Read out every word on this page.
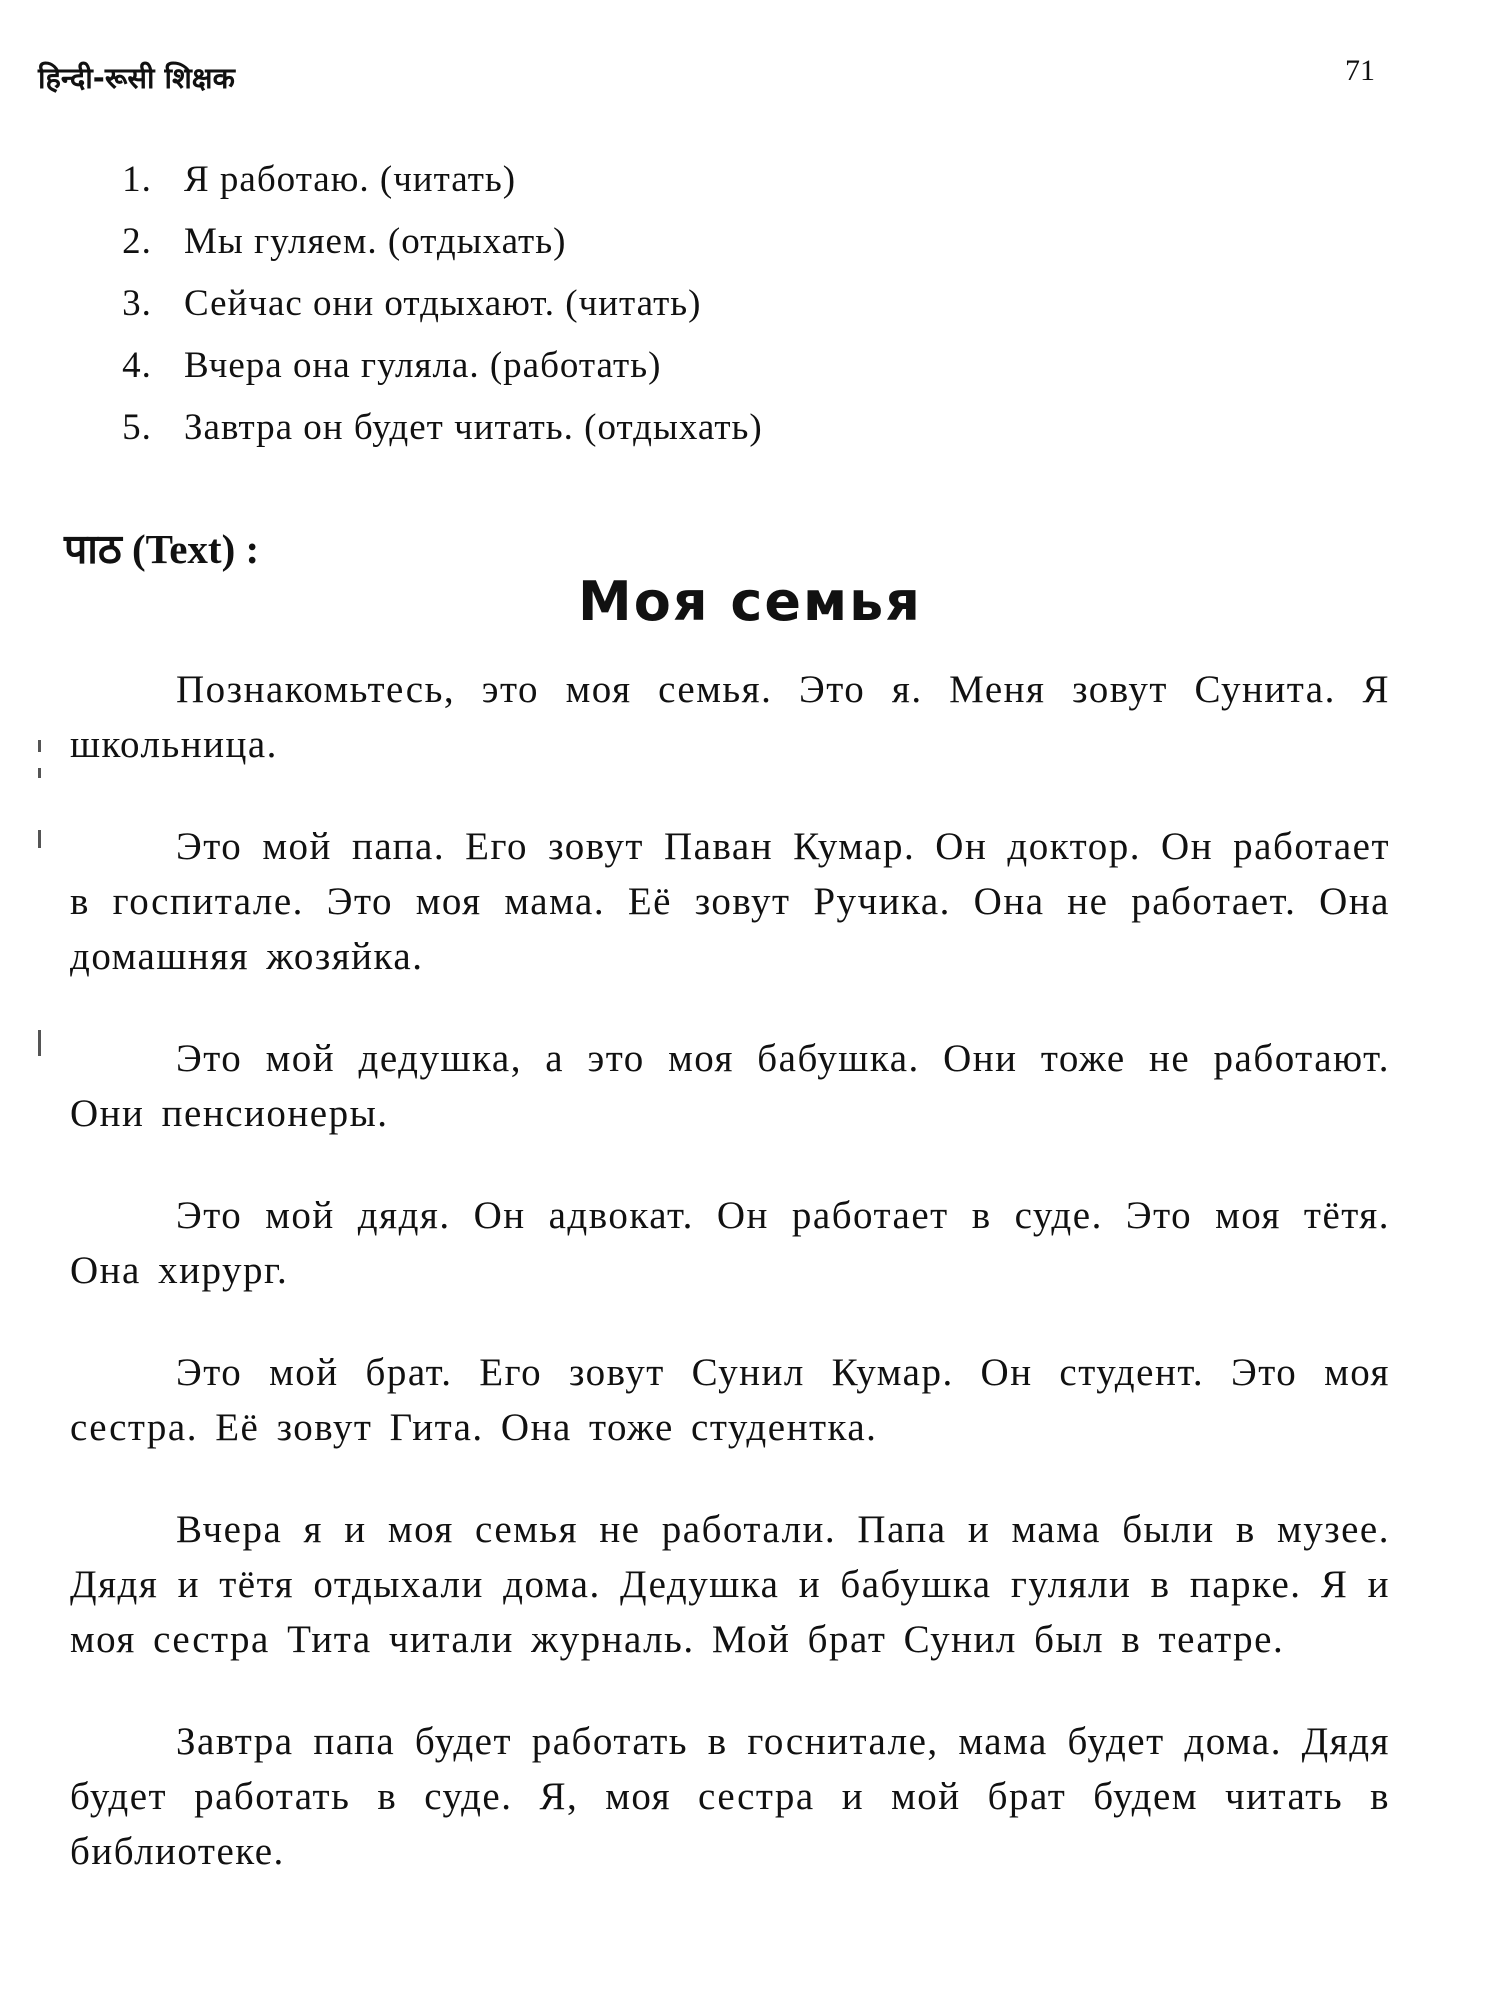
हिन्दी-रूसी शिक्षक	71
1. Я работаю. (читать)
2. Мы гуляем. (отдыхать)
3. Сейчас они отдыхают. (читать)
4. Вчера она гуляла. (работать)
5. Завтра он будет читать. (отдыхать)
पाठ (Text) :
Моя семья

Познакомьтесь, это моя семья. Это я. Меня зовут Сунита. Я школьница.

Это мой папа. Его зовут Паван Кумар. Он доктор. Он работает в госпитале. Это моя мама. Её зовут Ручика. Она не работает. Она домашняя жозяйка.

Это мой дедушка, а это моя бабушка. Они тоже не работают. Они пенсионеры.

Это мой дядя. Он адвокат. Он работает в суде. Это моя тётя. Она хирург.

Это мой брат. Его зовут Сунил Кумар. Он студент. Это моя сестра. Её зовут Гита. Она тоже студентка.

Вчера я и моя семья не работали. Папа и мама были в музее. Дядя и тётя отдыхали дома. Дедушка и бабушка гуляли в парке. Я и моя сестра Тита читали журналь. Мой брат Сунил был в театре.

Завтра папа будет работать в госнитале, мама будет дома. Дядя будет работать в суде. Я, моя сестра и мой брат будем читать в библиотеке.
